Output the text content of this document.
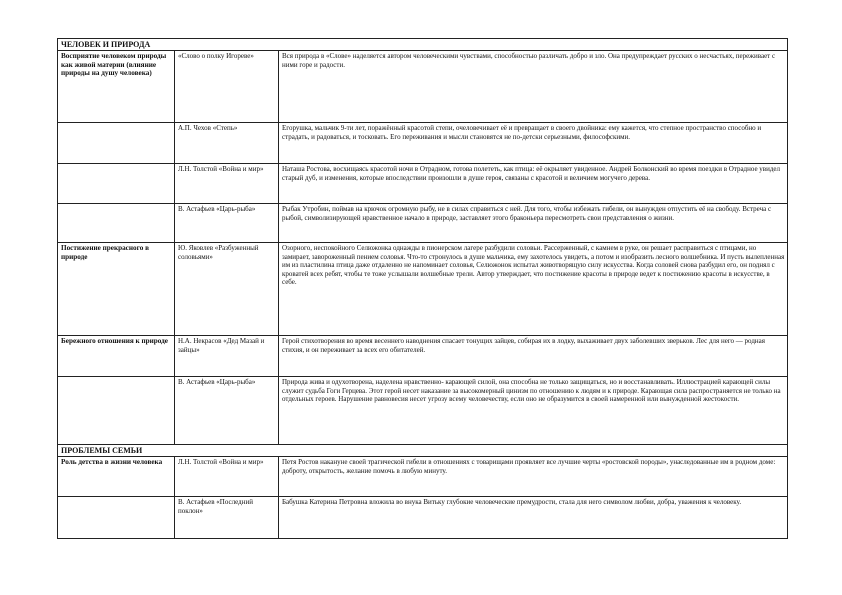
ЧЕЛОВЕК И ПРИРОДА		
Восприятие человеком природы как живой материи (влияние природы на душу человека)	«Слово о полку Игореве»	Вся природа в «Слове» наделяется автором человеческими чувствами, способностью различать добро и зло. Она предупреждает русских о несчастьях, переживает с ними горе и радости.
	А.П. Чехов «Степь»	Егорушка, мальчик 9-ти лет, поражённый красотой степи, очеловечивает её и превращает в своего двойника: ему кажется, что степное пространство способно и страдать, и радоваться, и тосковать. Его переживания и мысли становятся не по-детски серьезными, философскими.
	Л.Н. Толстой «Война и мир»	Наташа Ростова, восхищаясь красотой ночи в Отрадном, готова полететь, как птица: её окрыляет увиденное. Андрей Болконский во время поездки в Отрадное увидел старый дуб, и изменения, которые впоследствии произошли в душе героя, связаны с красотой и величием могучего дерева.
	В. Астафьев «Царь-рыба»	Рыбак Утробин, поймав на крючок огромную рыбу, не в силах справиться с ней. Для того, чтобы избежать гибели, он вынужден отпустить её на свободу. Встреча с рыбой, символизирующей нравственное начало в природе, заставляет этого браконьера пересмотреть свои представления о жизни.
Постижение прекрасного в природе	Ю. Яковлев «Разбуженный соловьями»	Озорного, неспокойного Селюжонка однажды в пионерском лагере разбудили соловьи. Рассерженный, с камнем в руке, он решает расправиться с птицами, но замирает, завороженный пением соловья. Что-то стронулось в душе мальчика, ему захотелось увидеть, а потом и изобразить лесного волшебника. И пусть вылепленная им из пластилина птица даже отдаленно не напоминает соловья, Селюжонок испытал животворящую силу искусства. Когда соловей снова разбудил его, он поднял с кроватей всех ребят, чтобы те тоже услышали волшебные трели. Автор утверждает, что постижение красоты в природе ведет к постижению красоты в искусстве, в себе.
Бережного отношения к природе	Н.А. Некрасов «Дед Мазай и зайцы»	Герой стихотворения во время весеннего наводнения спасает тонущих зайцев, собирая их в лодку, выхаживает двух заболевших зверьков. Лес для него — родная стихия, и он переживает за всех его обитателей.
	В. Астафьев «Царь-рыба»	Природа жива и одухотворена, наделена нравственно- карающей силой, она способна не только защищаться, но и восстанавливать. Иллюстрацией карающей силы служит судьба Гоги Герцева. Этот герой несет наказание за высокомерный цинизм по отношению к людям и к природе. Карающая сила распространяется не только на отдельных героев. Нарушение равновесия несет угрозу всему человечеству, если оно не образумится в своей намеренной или вынужденной жестокости.
ПРОБЛЕМЫ СЕМЬИ		
Роль детства в жизни человека	Л.Н. Толстой «Война и мир»	Петя Ростов накануне своей трагической гибели в отношениях с товарищами проявляет все лучшие черты «ростовской породы», унаследованные им в родном доме: доброту, открытость, желание помочь в любую минуту.
	В. Астафьев «Последний поклон»	Бабушка Катерина Петровна вложила во внука Витьку глубокие человеческие премудрости, стала для него символом любви, добра, уважения к человеку.
